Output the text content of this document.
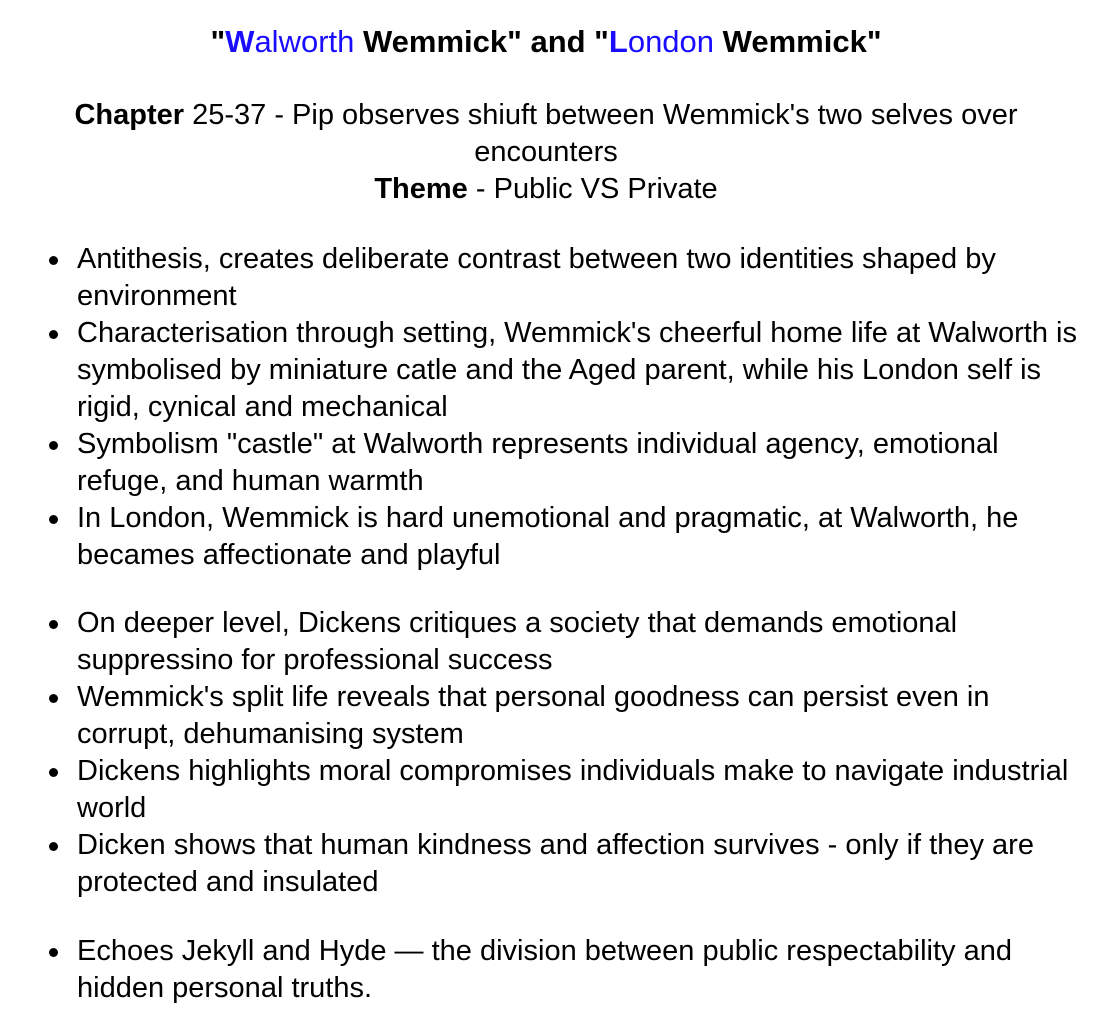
"Walworth Wemmick" and "London Wemmick"
Chapter 25-37 - Pip observes shiuft between Wemmick's two selves over encounters
Theme - Public VS Private
Antithesis, creates deliberate contrast between two identities shaped by environment
Characterisation through setting, Wemmick's cheerful home life at Walworth is symbolised by miniature catle and the Aged parent, while his London self is rigid, cynical and mechanical
Symbolism "castle" at Walworth represents individual agency, emotional refuge, and human warmth
In London, Wemmick is hard unemotional and pragmatic, at Walworth, he becames affectionate and playful
On deeper level, Dickens critiques a society that demands emotional suppressino for professional success
Wemmick's split life reveals that personal goodness can persist even in corrupt, dehumanising system
Dickens highlights moral compromises individuals make to navigate industrial world
Dicken shows that human kindness and affection survives - only if they are protected and insulated
Echoes Jekyll and Hyde — the division between public respectability and hidden personal truths.
